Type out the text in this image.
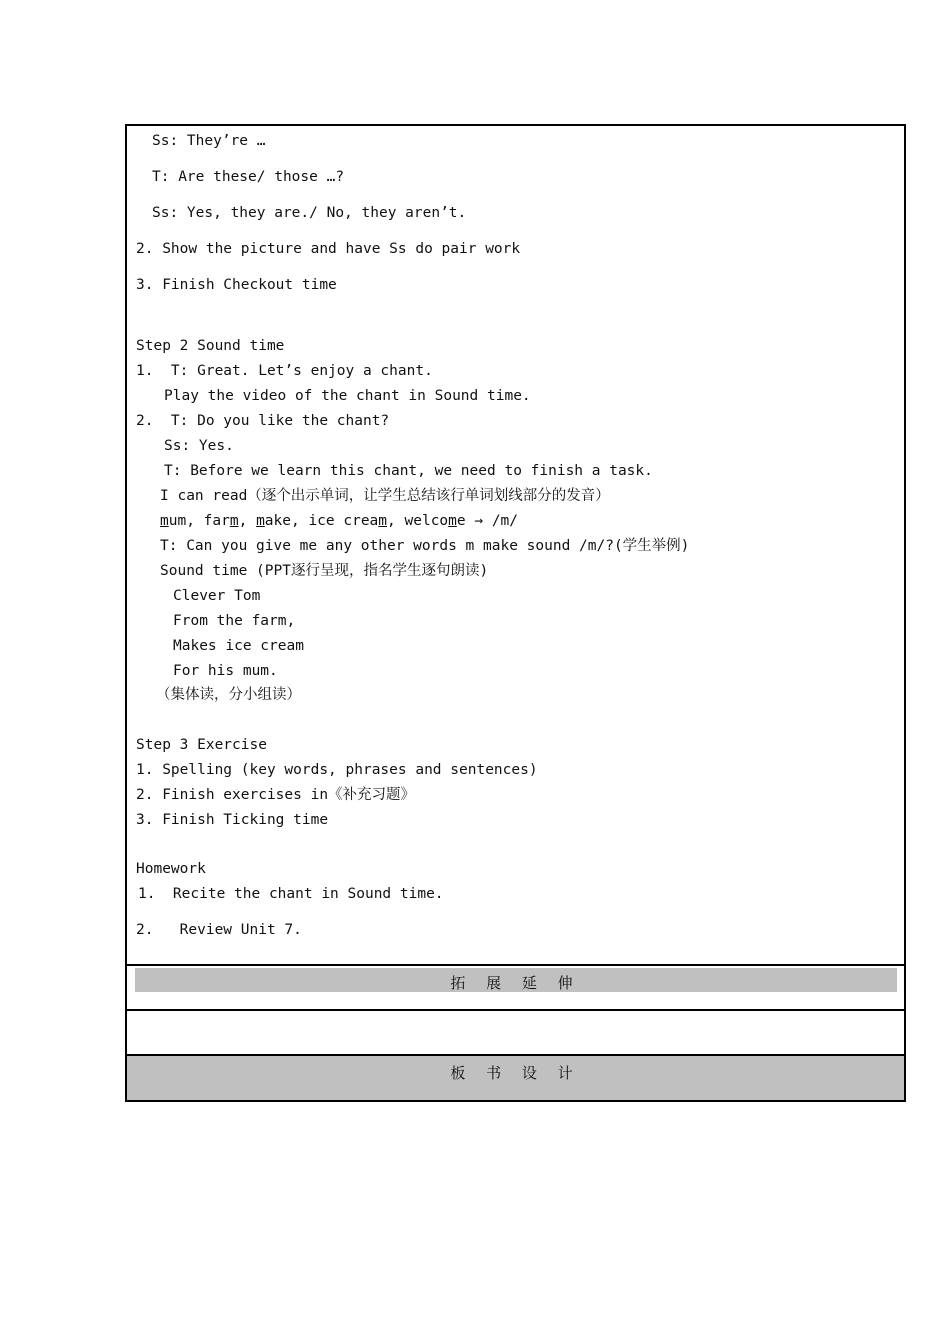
Ss: They’re …
T: Are these/ those …?
Ss: Yes, they are./ No, they aren’t.
2. Show the picture and have Ss do pair work
3. Finish Checkout time
Step 2 Sound time
1.  T: Great. Let’s enjoy a chant.
Play the video of the chant in Sound time.
2.  T: Do you like the chant?
Ss: Yes.
T: Before we learn this chant, we need to finish a task.
I can read（逐个出示单词，让学生总结该行单词划线部分的发音）
mum, farm, make, ice cream, welcome → /m/
T: Can you give me any other words m make sound /m/?(学生举例)
Sound time (PPT逐行呈现，指名学生逐句朗读)
Clever Tom
From the farm,
Makes ice cream
For his mum.
（集体读，分小组读）
Step 3 Exercise
1. Spelling (key words, phrases and sentences)
2. Finish exercises in《补充习题》
3. Finish Ticking time
Homework
1.  Recite the chant in Sound time.
2.   Review Unit 7.
拓 展 延 伸
板 书 设 计
